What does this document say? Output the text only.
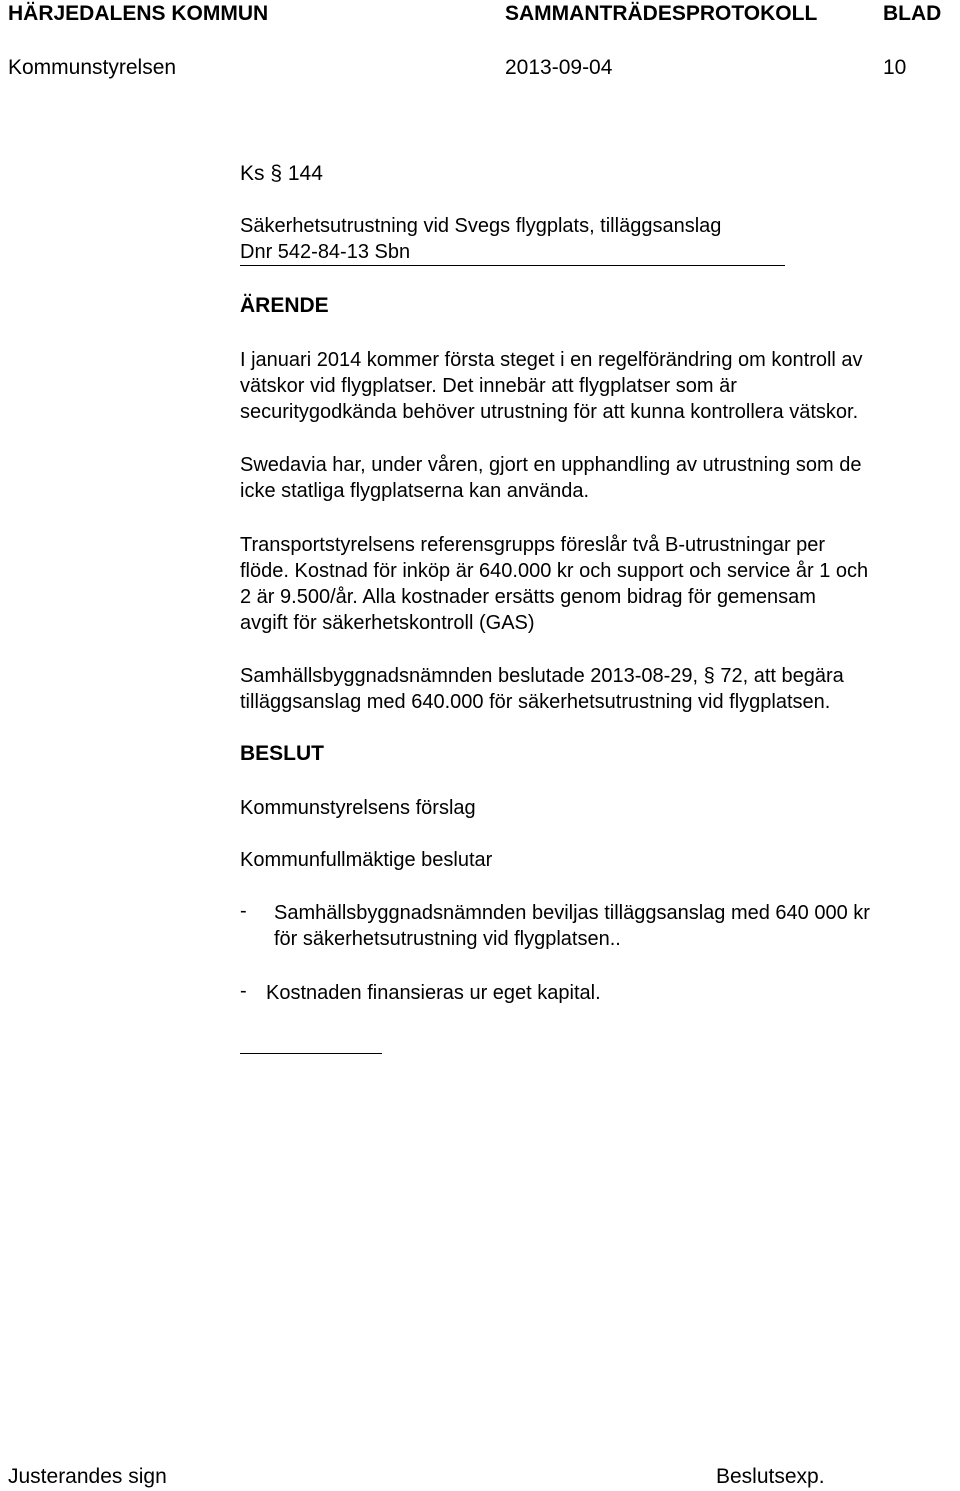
HÄRJEDALENS KOMMUN	SAMMANTRÄDESPROTOKOLL	BLAD
Kommunstyrelsen	2013-09-04	10
Ks § 144
Säkerhetsutrustning vid Svegs flygplats, tilläggsanslag
Dnr 542-84-13 Sbn
ÄRENDE
I januari 2014 kommer första steget i en regelförändring om kontroll av
vätskor vid flygplatser. Det innebär att flygplatser som är
securitygodkända behöver utrustning för att kunna kontrollera vätskor.
Swedavia har, under våren, gjort en upphandling av utrustning som de
icke statliga flygplatserna kan använda.
Transportstyrelsens referensgrupps föreslår två B-utrustningar per
flöde. Kostnad för inköp är 640.000 kr och support och service år 1 och
2 är 9.500/år. Alla kostnader ersätts genom bidrag för gemensam
avgift för säkerhetskontroll (GAS)
Samhällsbyggnadsnämnden beslutade 2013-08-29, § 72, att begära
tilläggsanslag med 640.000 för säkerhetsutrustning vid flygplatsen.
BESLUT
Kommunstyrelsens förslag
Kommunfullmäktige beslutar
- Samhällsbyggnadsnämnden beviljas tilläggsanslag med 640 000 kr
för säkerhetsutrustning vid flygplatsen..
- Kostnaden finansieras ur eget kapital.
Justerandes sign	Beslutsexp.
